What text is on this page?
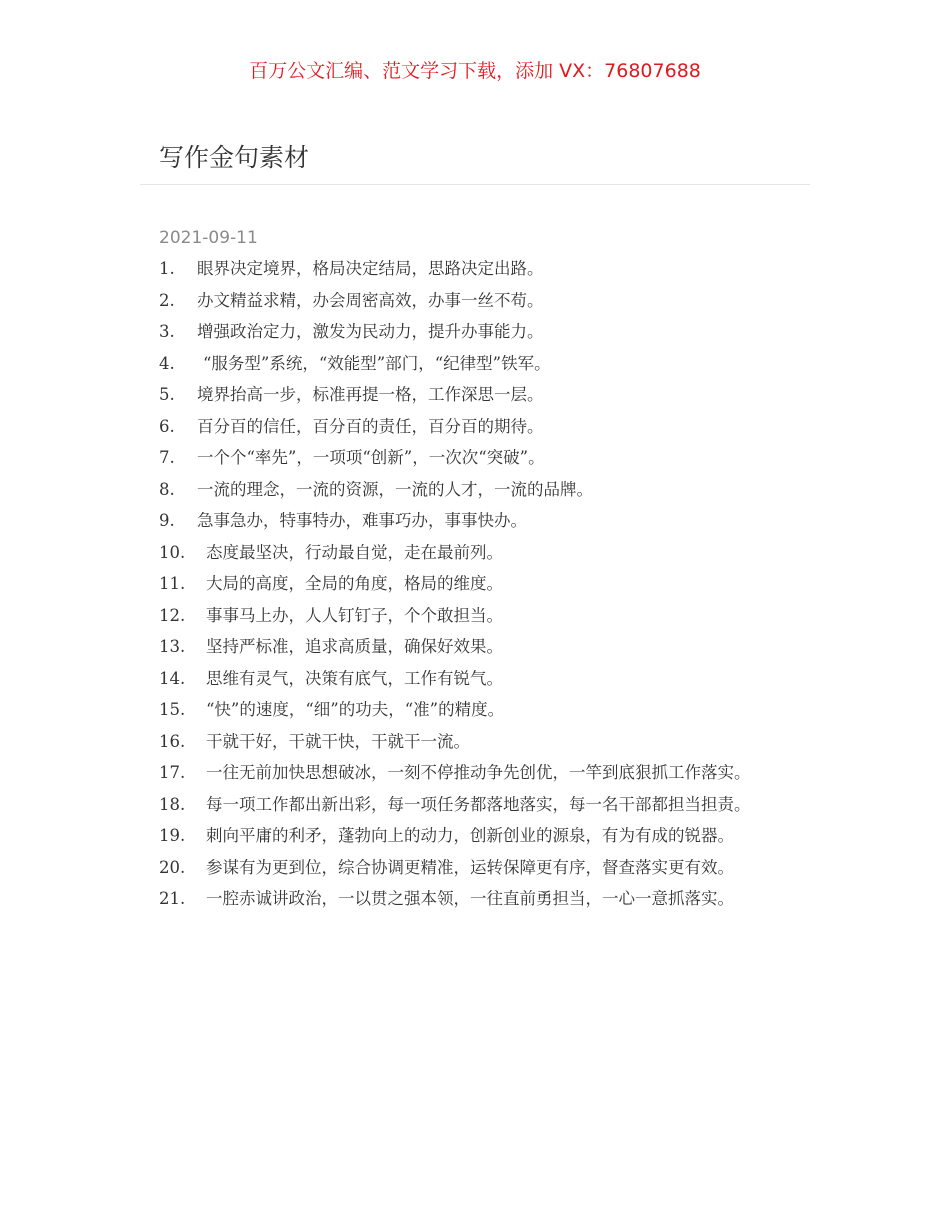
百万公文汇编、范文学习下载，添加 VX：76807688
写作金句素材
2021-09-11
1. 眼界决定境界，格局决定结局，思路决定出路。
2. 办文精益求精，办会周密高效，办事一丝不苟。
3. 增强政治定力，激发为民动力，提升办事能力。
4. “服务型”系统，“效能型”部门，“纪律型”铁军。
5. 境界抬高一步，标准再提一格，工作深思一层。
6. 百分百的信任，百分百的责任，百分百的期待。
7. 一个个“率先”，一项项“创新”，一次次“突破”。
8. 一流的理念，一流的资源，一流的人才，一流的品牌。
9. 急事急办，特事特办，难事巧办，事事快办。
10. 态度最坚决，行动最自觉，走在最前列。
11. 大局的高度，全局的角度，格局的维度。
12. 事事马上办，人人钉钉子，个个敢担当。
13. 坚持严标准，追求高质量，确保好效果。
14. 思维有灵气，决策有底气，工作有锐气。
15. “快”的速度，“细”的功夫，“准”的精度。
16. 干就干好，干就干快，干就干一流。
17. 一往无前加快思想破冰，一刻不停推动争先创优，一竿到底狠抓工作落实。
18. 每一项工作都出新出彩，每一项任务都落地落实，每一名干部都担当担责。
19. 刺向平庸的利矛，蓬勃向上的动力，创新创业的源泉，有为有成的锐器。
20. 参谋有为更到位，综合协调更精准，运转保障更有序，督查落实更有效。
21. 一腔赤诚讲政治，一以贯之强本领，一往直前勇担当，一心一意抓落实。
